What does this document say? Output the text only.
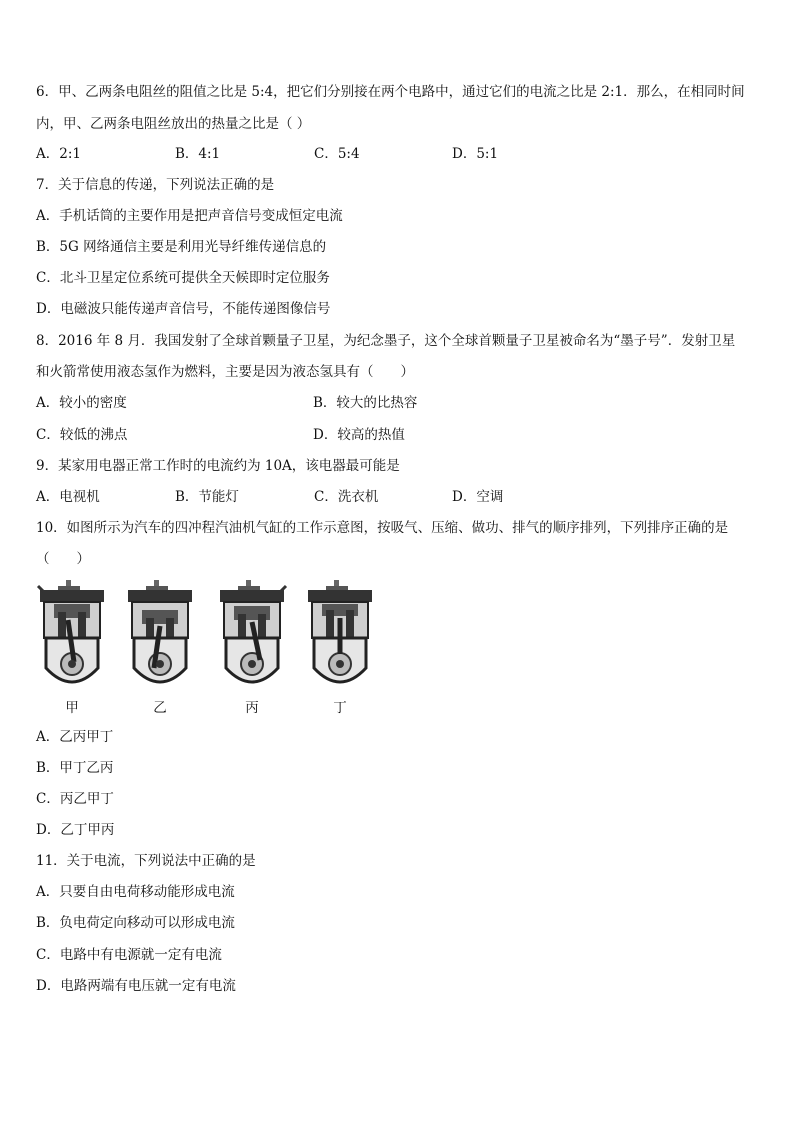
6．甲、乙两条电阻丝的阻值之比是 5:4，把它们分别接在两个电路中，通过它们的电流之比是 2:1．那么，在相同时间
内，甲、乙两条电阻丝放出的热量之比是（ ）
A．2:1	B．4:1	C．5:4	D．5:1
7．关于信息的传递，下列说法正确的是
A．手机话筒的主要作用是把声音信号变成恒定电流
B．5G 网络通信主要是利用光导纤维传递信息的
C．北斗卫星定位系统可提供全天候即时定位服务
D．电磁波只能传递声音信号，不能传递图像信号
8．2016 年 8 月．我国发射了全球首颗量子卫星，为纪念墨子，这个全球首颗量子卫星被命名为“墨子号”．发射卫星
和火箭常使用液态氢作为燃料，主要是因为液态氢具有（　　）
A．较小的密度	B．较大的比热容
C．较低的沸点	D．较高的热值
9．某家用电器正常工作时的电流约为 10A，该电器最可能是
A．电视机	B．节能灯	C．洗衣机	D．空调
10．如图所示为汽车的四冲程汽油机气缸的工作示意图，按吸气、压缩、做功、排气的顺序排列，下列排序正确的是
（　　）
甲	乙	丙	丁
A．乙丙甲丁
B．甲丁乙丙
C．丙乙甲丁
D．乙丁甲丙
11．关于电流，下列说法中正确的是
A．只要自由电荷移动能形成电流
B．负电荷定向移动可以形成电流
C．电路中有电源就一定有电流
D．电路两端有电压就一定有电流
